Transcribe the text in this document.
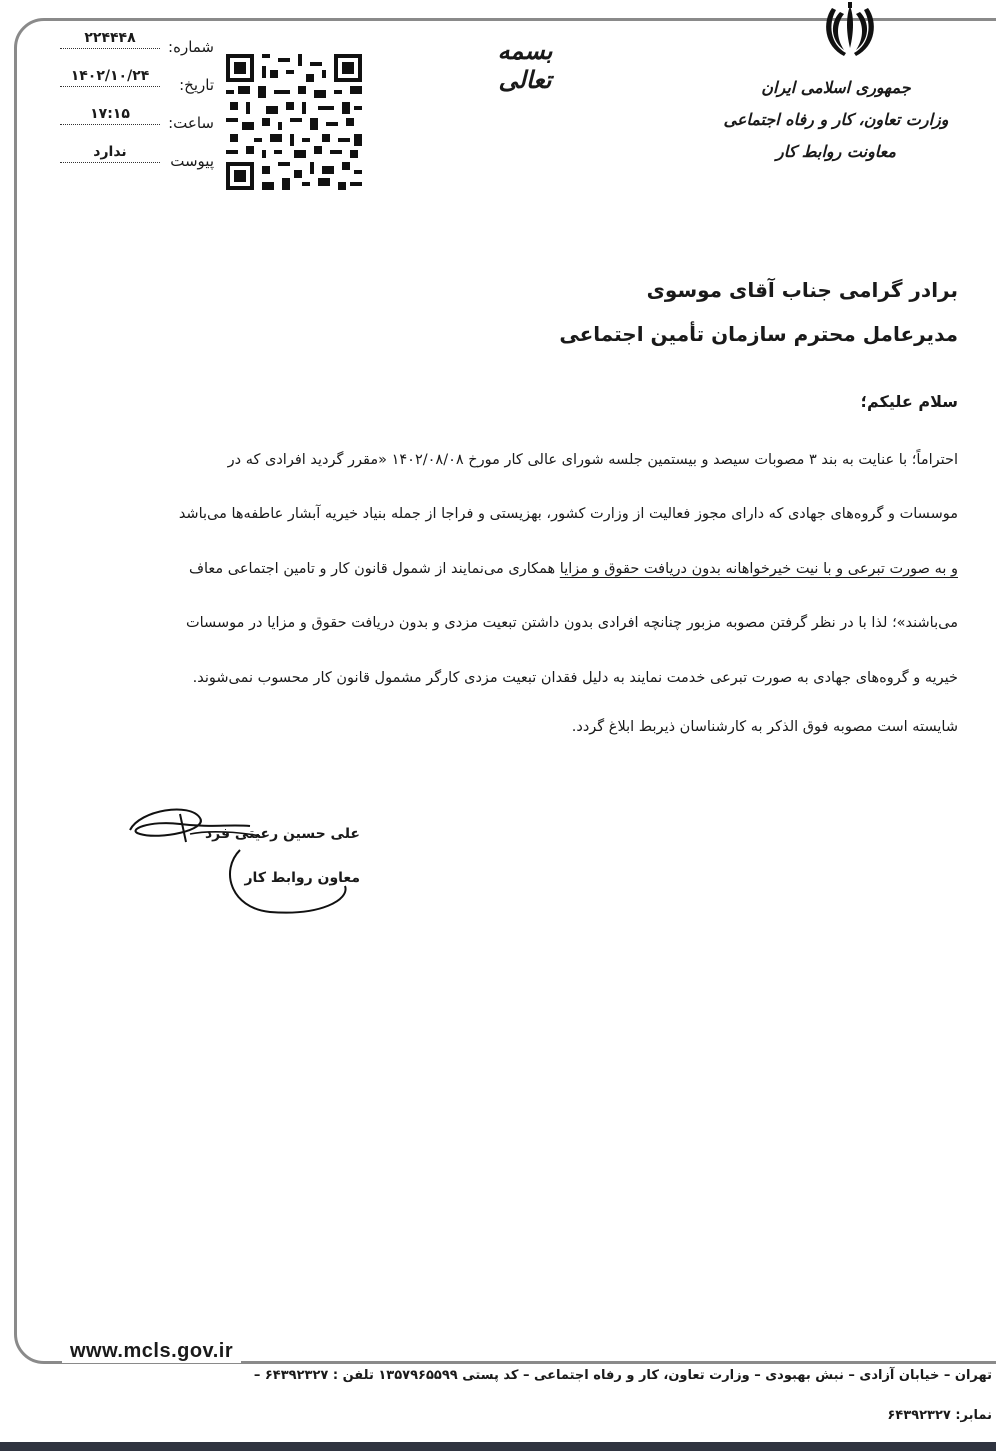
جمهوری اسلامی ایران
وزارت تعاون، کار و رفاه اجتماعی
معاونت روابط کار
بسمه تعالی
شماره:
۲۲۴۴۴۸
تاریخ:
۱۴۰۲/۱۰/۲۴
ساعت:
۱۷:۱۵
پیوست
ندارد
برادر گرامی جناب آقای موسوی
مدیرعامل محترم سازمان تأمین اجتماعی
سلام علیکم؛

احتراماً؛ با عنایت به بند ۳ مصوبات سیصد و بیستمین جلسه شورای عالی کار مورخ ۱۴۰۲/۰۸/۰۸ «مقرر گردید افرادی که در

موسسات و گروه‌های جهادی که دارای مجوز فعالیت از وزارت کشور، بهزیستی و فراجا از جمله بنیاد خیریه آبشار عاطفه‌ها می‌باشد

و به صورت تبرعی و با نیت خیرخواهانه بدون دریافت حقوق و مزایا همکاری می‌نمایند از شمول قانون کار و تامین اجتماعی معاف

می‌باشند»؛ لذا با در نظر گرفتن مصوبه مزبور چنانچه افرادی بدون داشتن تبعیت مزدی و بدون دریافت حقوق و مزایا در موسسات

خیریه و گروه‌های جهادی به صورت تبرعی خدمت نمایند به دلیل فقدان تبعیت مزدی کارگر مشمول قانون کار محسوب نمی‌شوند.

شایسته است مصوبه فوق الذکر به کارشناسان ذیربط ابلاغ گردد.

علی حسین رعیتی فرد
معاون روابط کار
www.mcls.gov.ir
تهران – خیابان آزادی – نبش بهبودی – وزارت تعاون، کار و رفاه اجتماعی – کد پستی ۱۳۵۷۹۶۵۵۹۹ تلفن : ۶۴۳۹۲۳۲۷ –
نمابر: ۶۴۳۹۲۳۲۷
